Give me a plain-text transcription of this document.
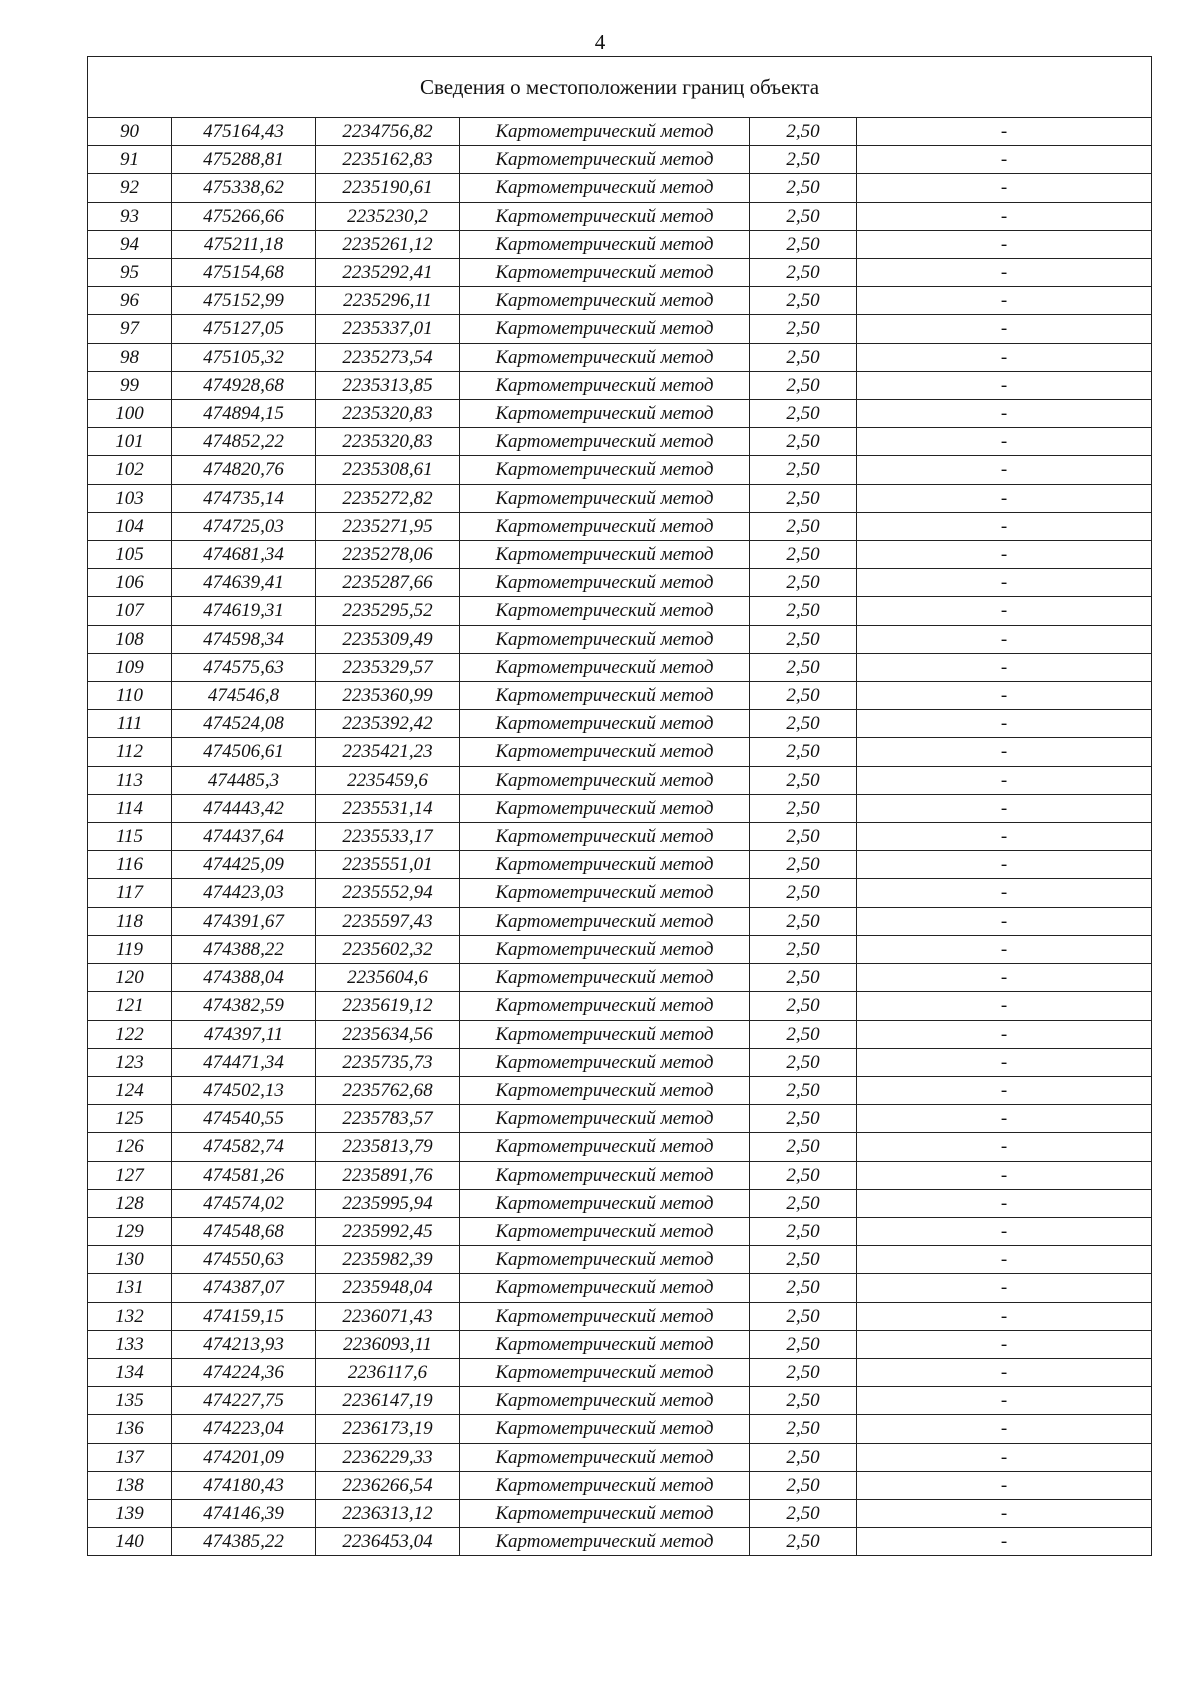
4
Сведения о местоположении границ объекта					
90	475164,43	2234756,82	Картометрический метод	2,50	-
91	475288,81	2235162,83	Картометрический метод	2,50	-
92	475338,62	2235190,61	Картометрический метод	2,50	-
93	475266,66	2235230,2	Картометрический метод	2,50	-
94	475211,18	2235261,12	Картометрический метод	2,50	-
95	475154,68	2235292,41	Картометрический метод	2,50	-
96	475152,99	2235296,11	Картометрический метод	2,50	-
97	475127,05	2235337,01	Картометрический метод	2,50	-
98	475105,32	2235273,54	Картометрический метод	2,50	-
99	474928,68	2235313,85	Картометрический метод	2,50	-
100	474894,15	2235320,83	Картометрический метод	2,50	-
101	474852,22	2235320,83	Картометрический метод	2,50	-
102	474820,76	2235308,61	Картометрический метод	2,50	-
103	474735,14	2235272,82	Картометрический метод	2,50	-
104	474725,03	2235271,95	Картометрический метод	2,50	-
105	474681,34	2235278,06	Картометрический метод	2,50	-
106	474639,41	2235287,66	Картометрический метод	2,50	-
107	474619,31	2235295,52	Картометрический метод	2,50	-
108	474598,34	2235309,49	Картометрический метод	2,50	-
109	474575,63	2235329,57	Картометрический метод	2,50	-
110	474546,8	2235360,99	Картометрический метод	2,50	-
111	474524,08	2235392,42	Картометрический метод	2,50	-
112	474506,61	2235421,23	Картометрический метод	2,50	-
113	474485,3	2235459,6	Картометрический метод	2,50	-
114	474443,42	2235531,14	Картометрический метод	2,50	-
115	474437,64	2235533,17	Картометрический метод	2,50	-
116	474425,09	2235551,01	Картометрический метод	2,50	-
117	474423,03	2235552,94	Картометрический метод	2,50	-
118	474391,67	2235597,43	Картометрический метод	2,50	-
119	474388,22	2235602,32	Картометрический метод	2,50	-
120	474388,04	2235604,6	Картометрический метод	2,50	-
121	474382,59	2235619,12	Картометрический метод	2,50	-
122	474397,11	2235634,56	Картометрический метод	2,50	-
123	474471,34	2235735,73	Картометрический метод	2,50	-
124	474502,13	2235762,68	Картометрический метод	2,50	-
125	474540,55	2235783,57	Картометрический метод	2,50	-
126	474582,74	2235813,79	Картометрический метод	2,50	-
127	474581,26	2235891,76	Картометрический метод	2,50	-
128	474574,02	2235995,94	Картометрический метод	2,50	-
129	474548,68	2235992,45	Картометрический метод	2,50	-
130	474550,63	2235982,39	Картометрический метод	2,50	-
131	474387,07	2235948,04	Картометрический метод	2,50	-
132	474159,15	2236071,43	Картометрический метод	2,50	-
133	474213,93	2236093,11	Картометрический метод	2,50	-
134	474224,36	2236117,6	Картометрический метод	2,50	-
135	474227,75	2236147,19	Картометрический метод	2,50	-
136	474223,04	2236173,19	Картометрический метод	2,50	-
137	474201,09	2236229,33	Картометрический метод	2,50	-
138	474180,43	2236266,54	Картометрический метод	2,50	-
139	474146,39	2236313,12	Картометрический метод	2,50	-
140	474385,22	2236453,04	Картометрический метод	2,50	-
